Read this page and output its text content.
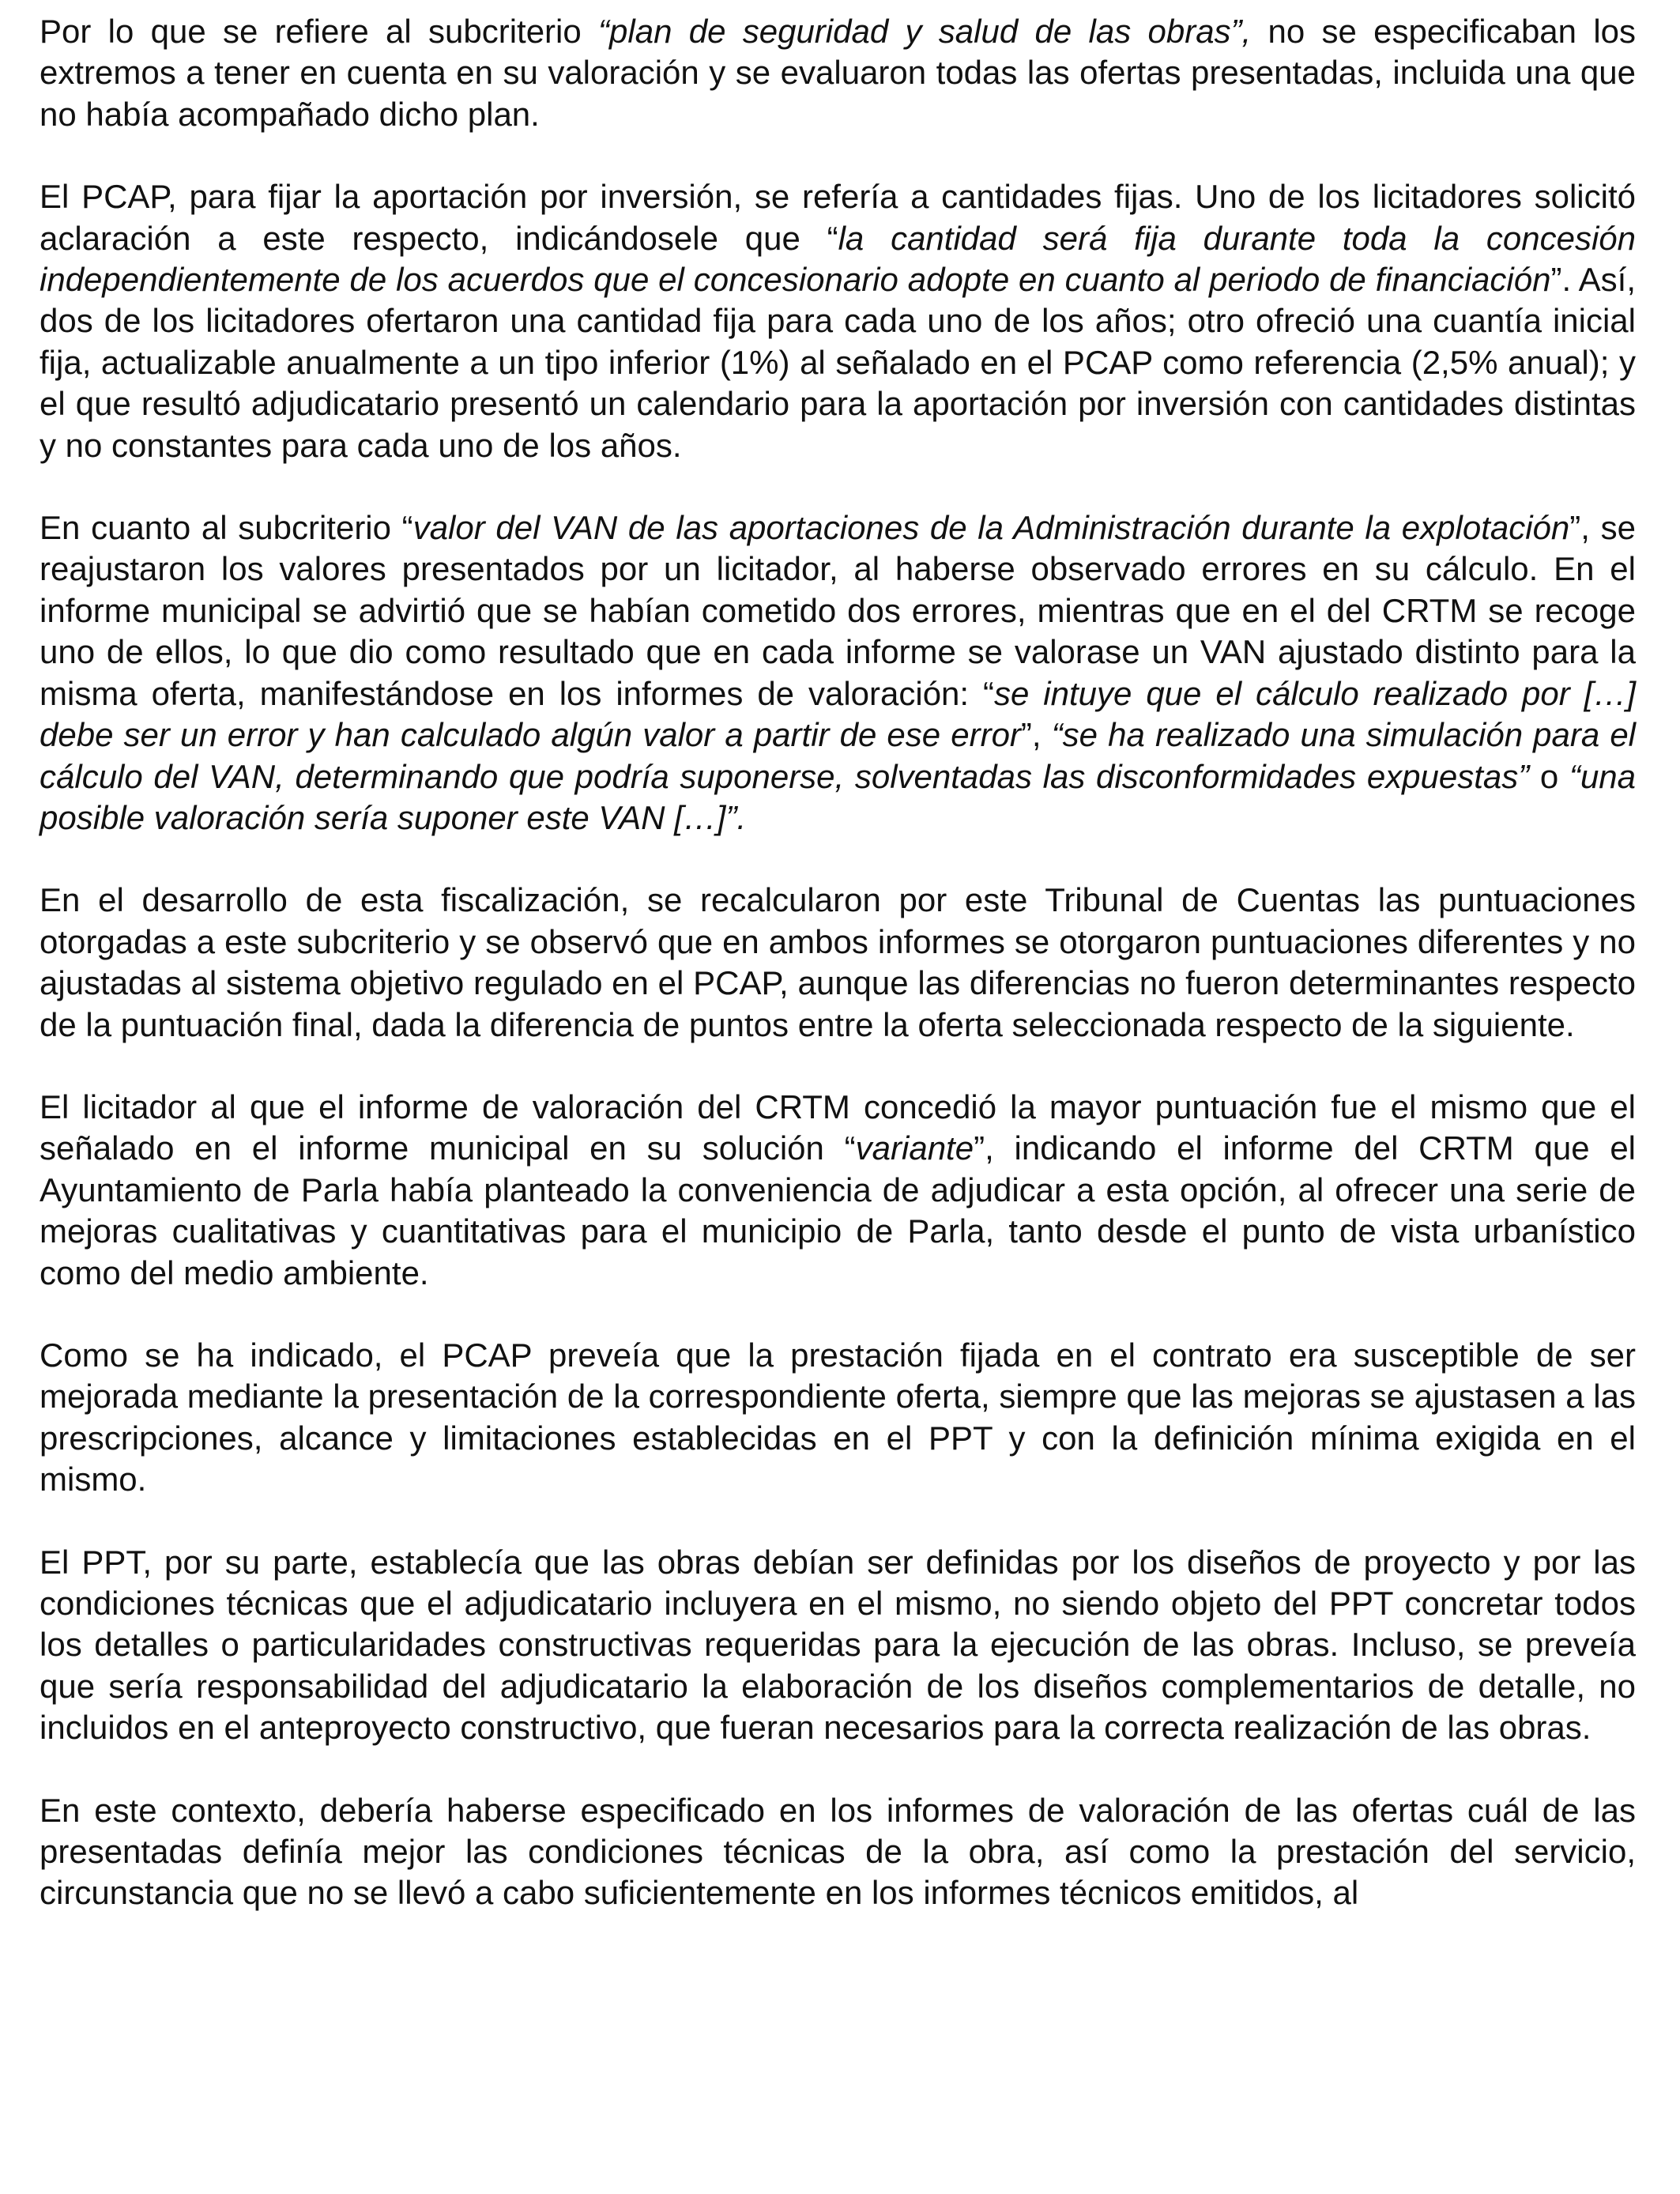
Por lo que se refiere al subcriterio “plan de seguridad y salud de las obras”, no se especificaban los extremos a tener en cuenta en su valoración y se evaluaron todas las ofertas presentadas, incluida una que no había acompañado dicho plan.

El PCAP, para fijar la aportación por inversión, se refería a cantidades fijas. Uno de los licitadores solicitó aclaración a este respecto, indicándosele que “la cantidad será fija durante toda la concesión independientemente de los acuerdos que el concesionario adopte en cuanto al periodo de financiación”. Así, dos de los licitadores ofertaron una cantidad fija para cada uno de los años; otro ofreció una cuantía inicial fija, actualizable anualmente a un tipo inferior (1%) al señalado en el PCAP como referencia (2,5% anual); y el que resultó adjudicatario presentó un calendario para la aportación por inversión con cantidades distintas y no constantes para cada uno de los años.

En cuanto al subcriterio “valor del VAN de las aportaciones de la Administración durante la explotación”, se reajustaron los valores presentados por un licitador, al haberse observado errores en su cálculo. En el informe municipal se advirtió que se habían cometido dos errores, mientras que en el del CRTM se recoge uno de ellos, lo que dio como resultado que en cada informe se valorase un VAN ajustado distinto para la misma oferta, manifestándose en los informes de valoración: “se intuye que el cálculo realizado por […] debe ser un error y han calculado algún valor a partir de ese error”, “se ha realizado una simulación para el cálculo del VAN, determinando que podría suponerse, solventadas las disconformidades expuestas” o “una posible valoración sería suponer este VAN […]”.

En el desarrollo de esta fiscalización, se recalcularon por este Tribunal de Cuentas las puntuaciones otorgadas a este subcriterio y se observó que en ambos informes se otorgaron puntuaciones diferentes y no ajustadas al sistema objetivo regulado en el PCAP, aunque las diferencias no fueron determinantes respecto de la puntuación final, dada la diferencia de puntos entre la oferta seleccionada respecto de la siguiente.

El licitador al que el informe de valoración del CRTM concedió la mayor puntuación fue el mismo que el señalado en el informe municipal en su solución “variante”, indicando el informe del CRTM que el Ayuntamiento de Parla había planteado la conveniencia de adjudicar a esta opción, al ofrecer una serie de mejoras cualitativas y cuantitativas para el municipio de Parla, tanto desde el punto de vista urbanístico como del medio ambiente.

Como se ha indicado, el PCAP preveía que la prestación fijada en el contrato era susceptible de ser mejorada mediante la presentación de la correspondiente oferta, siempre que las mejoras se ajustasen a las prescripciones, alcance y limitaciones establecidas en el PPT y con la definición mínima exigida en el mismo.

El PPT, por su parte, establecía que las obras debían ser definidas por los diseños de proyecto y por las condiciones técnicas que el adjudicatario incluyera en el mismo, no siendo objeto del PPT concretar todos los detalles o particularidades constructivas requeridas para la ejecución de las obras. Incluso, se preveía que sería responsabilidad del adjudicatario la elaboración de los diseños complementarios de detalle, no incluidos en el anteproyecto constructivo, que fueran necesarios para la correcta realización de las obras.

En este contexto, debería haberse especificado en los informes de valoración de las ofertas cuál de las presentadas definía mejor las condiciones técnicas de la obra, así como la prestación del servicio, circunstancia que no se llevó a cabo suficientemente en los informes técnicos emitidos, al
